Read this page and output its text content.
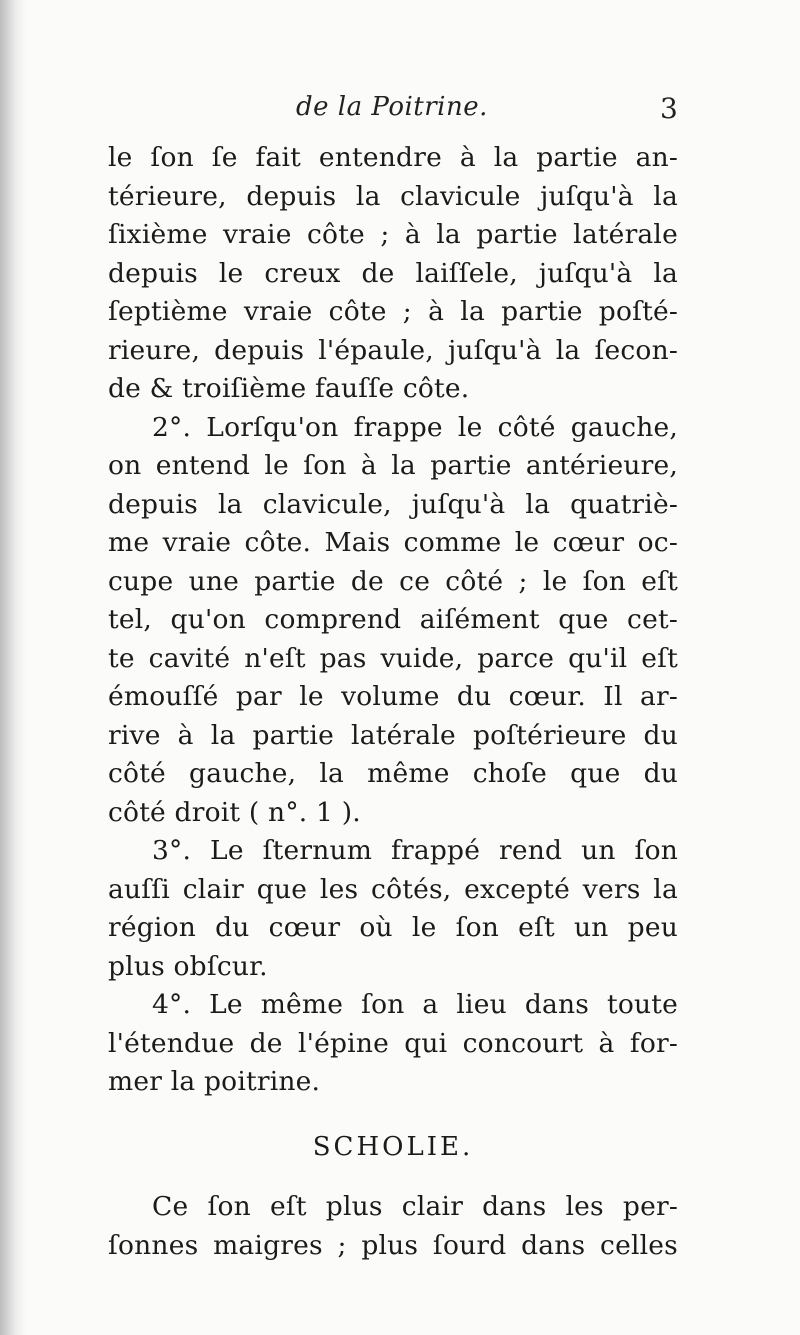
de la Poitrine.	3
le ſon ſe fait entendre à la partie an-
térieure, depuis la clavicule juſqu'à la
ſixième vraie côte ; à la partie latérale
depuis le creux de laiſſele, juſqu'à la
ſeptième vraie côte ; à la partie poſté-
rieure, depuis l'épaule, juſqu'à la ſecon-
de & troiſième fauſſe côte.
2°. Lorſqu'on frappe le côté gauche,
on entend le ſon à la partie antérieure,
depuis la clavicule, juſqu'à la quatriè-
me vraie côte. Mais comme le cœur oc-
cupe une partie de ce côté ; le ſon eſt
tel, qu'on comprend aiſément que cet-
te cavité n'eſt pas vuide, parce qu'il eſt
émouſſé par le volume du cœur. Il ar-
rive à la partie latérale poſtérieure du
côté gauche, la même choſe que du
côté droit ( n°. 1 ).
3°. Le ſternum frappé rend un ſon
auſſi clair que les côtés, excepté vers la
région du cœur où le ſon eſt un peu
plus obſcur.
4°. Le même ſon a lieu dans toute
l'étendue de l'épine qui concourt à for-
mer la poitrine.
SCHOLIE.
Ce ſon eſt plus clair dans les per-
ſonnes maigres ; plus ſourd dans celles
